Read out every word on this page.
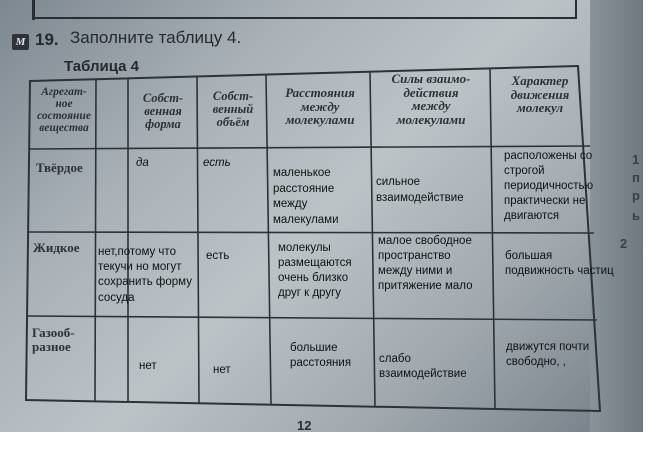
М 19. Заполните таблицу 4.
Таблица 4
Агрегат-
ное
состояние
вещества
Собст-
венная
форма
Собст-
венный
объём
Расстояния
между
молекулами
Силы взаимо-
действия
между
молекулами
Характер
движения
молекул
Твёрдое
Жидкое
Газооб-
разное
да	есть
маленькое
расстояние
между
малекулами
сильное
взаимодействие
расположены со
строгой
периодичностью
практически не
двигаются
нет,потому что
текучи но могут
сохранить форму
сосуда
есть
молекулы
размещаются
очень близко
друг к другу
малое свободное
пространство
между ними и
притяжение мало
большая
подвижность частиц
нет	нет
большие
расстояния слабо
взаимодействие
движутся почти
свободно, ,
12
1
п
р
ь
2
